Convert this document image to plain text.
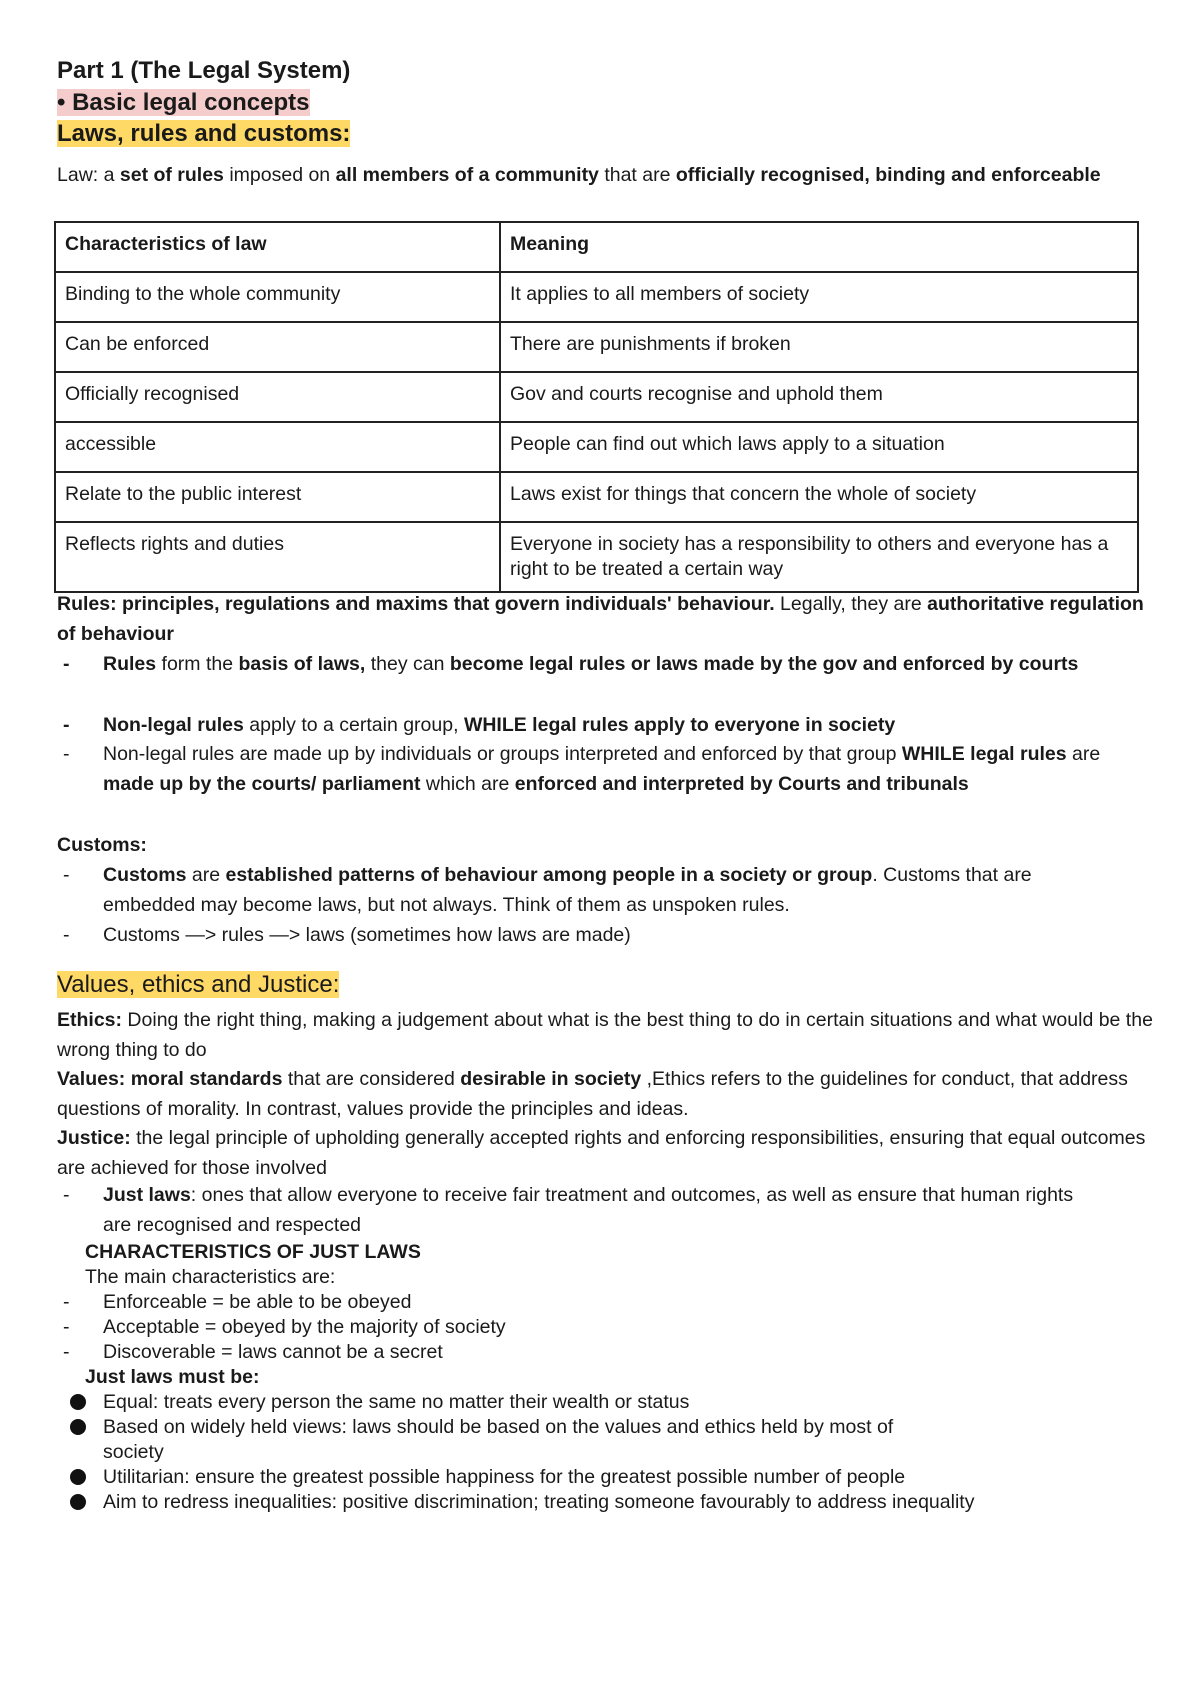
Part 1 (The Legal System)
• Basic legal concepts
Laws, rules and customs:

Law: a set of rules imposed on all members of a community that are officially recognised, binding and enforceable

Characteristics of law	Meaning
Binding to the whole community	It applies to all members of society
Can be enforced	There are punishments if broken
Officially recognised	Gov and courts recognise and uphold them
accessible	People can find out which laws apply to a situation
Relate to the public interest	Laws exist for things that concern the whole of society
Reflects rights and duties	Everyone in society has a responsibility to others and everyone has a right to be treated a certain way

Rules: principles, regulations and maxims that govern individuals' behaviour. Legally, they are authoritative regulation of behaviour

- Rules form the basis of laws, they can become legal rules or laws made by the gov and enforced by courts
- Non-legal rules apply to a certain group, WHILE legal rules apply to everyone in society
- Non-legal rules are made up by individuals or groups interpreted and enforced by that group WHILE legal rules are made up by the courts/ parliament which are enforced and interpreted by Courts and tribunals

Customs:

- Customs are established patterns of behaviour among people in a society or group. Customs that are embedded may become laws, but not always. Think of them as unspoken rules.
- Customs —> rules —> laws (sometimes how laws are made)
Values, ethics and Justice:

Ethics: Doing the right thing, making a judgement about what is the best thing to do in certain situations and what would be the wrong thing to do

Values: moral standards that are considered desirable in society ,Ethics refers to the guidelines for conduct, that address questions of morality. In contrast, values provide the principles and ideas.

Justice: the legal principle of upholding generally accepted rights and enforcing responsibilities, ensuring that equal outcomes are achieved for those involved

- Just laws: ones that allow everyone to receive fair treatment and outcomes, as well as ensure that human rights are recognised and respected

CHARACTERISTICS OF JUST LAWS

The main characteristics are:

- Enforceable = be able to be obeyed
- Acceptable = obeyed by the majority of society
- Discoverable = laws cannot be a secret

Just laws must be:

Equal: treats every person the same no matter their wealth or status
Based on widely held views: laws should be based on the values and ethics held by most of society
Utilitarian: ensure the greatest possible happiness for the greatest possible number of people
Aim to redress inequalities: positive discrimination; treating someone favourably to address inequality
